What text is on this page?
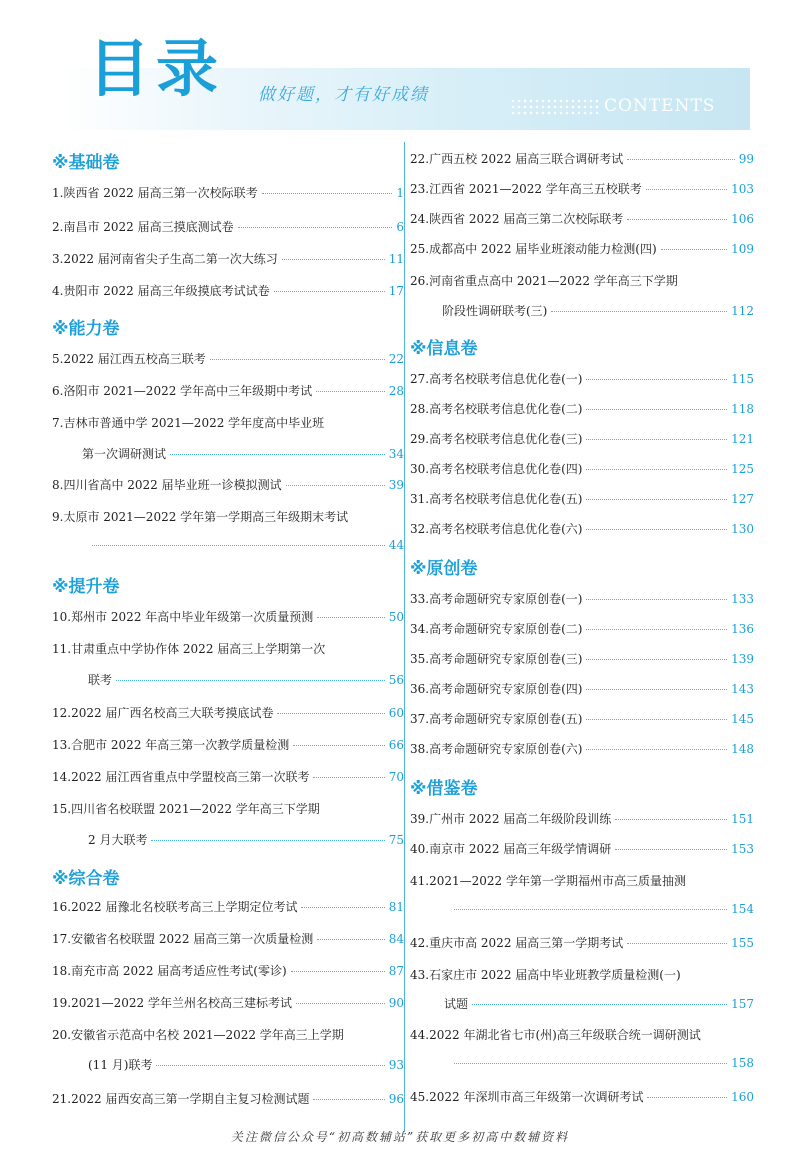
目录 做好题，才有好成绩
CONTENTS
※基础卷
1. 陕西省 2022 届高三第一次校际联考	1
2. 南昌市 2022 届高三摸底测试卷	6
3. 2022 届河南省尖子生高二第一次大练习	11
4. 贵阳市 2022 届高三年级摸底考试试卷	17
※能力卷
5. 2022 届江西五校高三联考	22
6. 洛阳市 2021—2022 学年高中三年级期中考试	28
7. 吉林市普通中学 2021—2022 学年度高中毕业班
第一次调研测试	34
8. 四川省高中 2022 届毕业班一诊模拟测试	39
9. 太原市 2021—2022 学年第一学期高三年级期末考试
44
※提升卷
10. 郑州市 2022 年高中毕业年级第一次质量预测	50
11. 甘肃重点中学协作体 2022 届高三上学期第一次
联考	56
12. 2022 届广西名校高三大联考摸底试卷	60
13. 合肥市 2022 年高三第一次教学质量检测	66
14. 2022 届江西省重点中学盟校高三第一次联考	70
15. 四川省名校联盟 2021—2022 学年高三下学期
2 月大联考	75
※综合卷
16. 2022 届豫北名校联考高三上学期定位考试	81
17. 安徽省名校联盟 2022 届高三第一次质量检测	84
18. 南充市高 2022 届高考适应性考试(零诊)	87
19. 2021—2022 学年兰州名校高三建标考试	90
20. 安徽省示范高中名校 2021—2022 学年高三上学期
(11 月)联考	93
21. 2022 届西安高三第一学期自主复习检测试题	96
22. 广西五校 2022 届高三联合调研考试	99
23. 江西省 2021—2022 学年高三五校联考	103
24. 陕西省 2022 届高三第二次校际联考	106
25. 成都高中 2022 届毕业班滚动能力检测(四)	109
26. 河南省重点高中 2021—2022 学年高三下学期
阶段性调研联考(三)	112
※信息卷
27. 高考名校联考信息优化卷(一)	115
28. 高考名校联考信息优化卷(二)	118
29. 高考名校联考信息优化卷(三)	121
30. 高考名校联考信息优化卷(四)	125
31. 高考名校联考信息优化卷(五)	127
32. 高考名校联考信息优化卷(六)	130
※原创卷
33. 高考命题研究专家原创卷(一)	133
34. 高考命题研究专家原创卷(二)	136
35. 高考命题研究专家原创卷(三)	139
36. 高考命题研究专家原创卷(四)	143
37. 高考命题研究专家原创卷(五)	145
38. 高考命题研究专家原创卷(六)	148
※借鉴卷
39. 广州市 2022 届高二年级阶段训练	151
40. 南京市 2022 届高三年级学情调研	153
41. 2021—2022 学年第一学期福州市高三质量抽测
154
42. 重庆市高 2022 届高三第一学期考试	155
43. 石家庄市 2022 届高中毕业班教学质量检测(一)
试题	157
44. 2022 年湖北省七市(州)高三年级联合统一调研测试
158
45. 2022 年深圳市高三年级第一次调研考试	160
关注微信公众号“初高数辅站”获取更多初高中数辅资料
